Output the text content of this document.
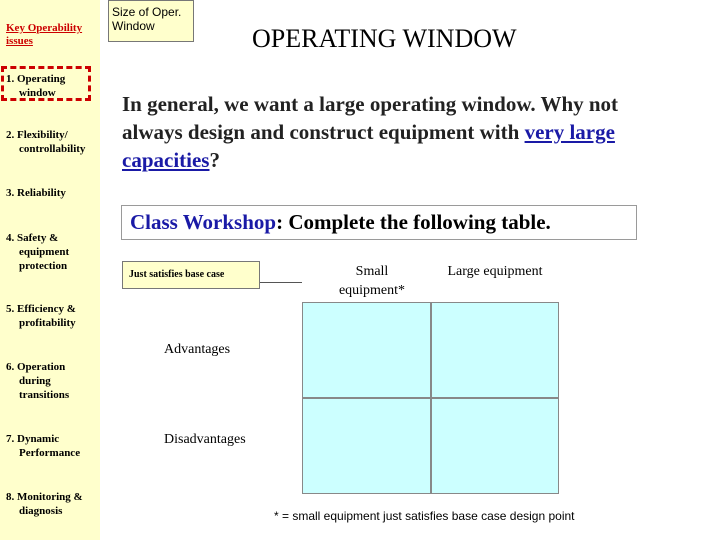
Key Operability issues
1. Operating window
2. Flexibility/ controllability
3. Reliability
4. Safety & equipment protection
5. Efficiency & profitability
6. Operation during transitions
7. Dynamic Performance
8. Monitoring & diagnosis
Size of Oper. Window	OPERATING WINDOW
In general, we want a large operating window. Why not always design and construct equipment with very large capacities?
Class Workshop: Complete the following table.
Just satisfies base case	Small equipment*
Large equipment
Advantages
Disadvantages
* = small equipment just satisfies base case design point
